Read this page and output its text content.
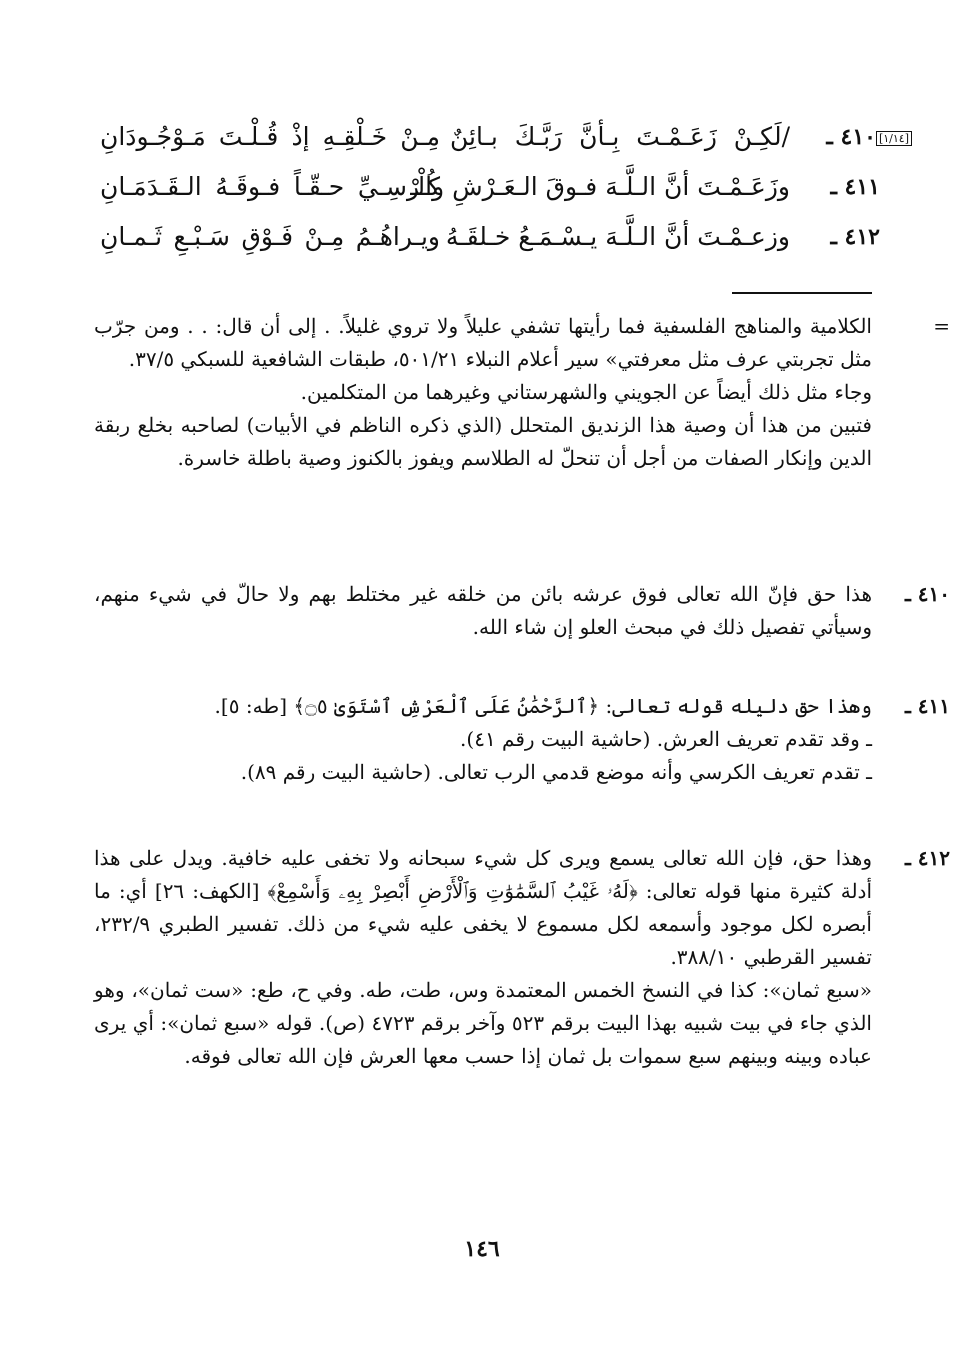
[١/١٤]٤١٠ ـ
/لَكِـنْ زَعَـمْـتَ بِـأنَّ رَبَّـكَ بـائِنٌ
مِـنْ خَـلْقِـهِ إذْ قُـلْـتَ مَـوْجُـودَانِ
٤١١ ـ
وزَعَـمْـتَ أنَّ الـلَّـهَ فـوقَ الـعَـرْشِ والْـ
كُـرْسِـيِّ حـقّـاً فـوقَـهُ الـقَـدَمَـانِ
٤١٢ ـ
وزعـمْـتَ أنَّ الـلَّـهَ يـسْـمَـعُ خـلقَـهُ
ويـراهُـمُ مِـنْ فَـوْقِ سَـبْـعِ ثَـمـانِ
=

الكلامية والمناهج الفلسفية فما رأيتها تشفي عليلاً ولا تروي غليلاً. . إلى أن قال: . . ومن جرّب مثل تجربتي عرف مثل معرفتي» سير أعلام النبلاء ٥٠١/٢١، طبقات الشافعية للسبكي ٣٧/٥.

وجاء مثل ذلك أيضاً عن الجويني والشهرستاني وغيرهما من المتكلمين.

فتبين من هذا أن وصية هذا الزنديق المتحلل (الذي ذكره الناظم في الأبيات) لصاحبه بخلع ربقة الدين وإنكار الصفات من أجل أن تنحلّ له الطلاسم ويفوز بالكنوز وصية باطلة خاسرة.

٤١٠ ـ

هذا حق فإنّ الله تعالى فوق عرشه بائن من خلقه غير مختلط بهم ولا حالّ في شيء منهم، وسيأتي تفصيل ذلك في مبحث العلو إن شاء الله.

٤١١ ـ

وهذا حق دليله قوله تعالى: ﴿ٱلرَّحْمَٰنُ عَلَى ٱلْعَرْشِ ٱسْتَوَىٰ ۝٥﴾ [طه: ٥].

ـ وقد تقدم تعريف العرش. (حاشية البيت رقم ٤١).

ـ تقدم تعريف الكرسي وأنه موضع قدمي الرب تعالى. (حاشية البيت رقم ٨٩).

٤١٢ ـ

وهذا حق، فإن الله تعالى يسمع ويرى كل شيء سبحانه ولا تخفى عليه خافية. ويدل على هذا أدلة كثيرة منها قوله تعالى: ﴿لَهُۥ غَيْبُ ٱلسَّمَٰوَٰتِ وَٱلْأَرْضِ أَبْصِرْ بِهِۦ وَأَسْمِعْ﴾ [الكهف: ٢٦] أي: ما أبصره لكل موجود وأسمعه لكل مسموع لا يخفى عليه شيء من ذلك. تفسير الطبري ٢٣٢/٩، تفسير القرطبي ٣٨٨/١٠.

«سبع ثمان»: كذا في النسخ الخمس المعتمدة وس، طت، طه. وفي ح، طع: «ست ثمان»، وهو الذي جاء في بيت شبيه بهذا البيت برقم ٥٢٣ وآخر برقم ٤٧٢٣ (ص). قوله «سبع ثمان»: أي يرى عباده وبينه وبينهم سبع سموات بل ثمان إذا حسب معها العرش فإن الله تعالى فوقه.

١٤٦
